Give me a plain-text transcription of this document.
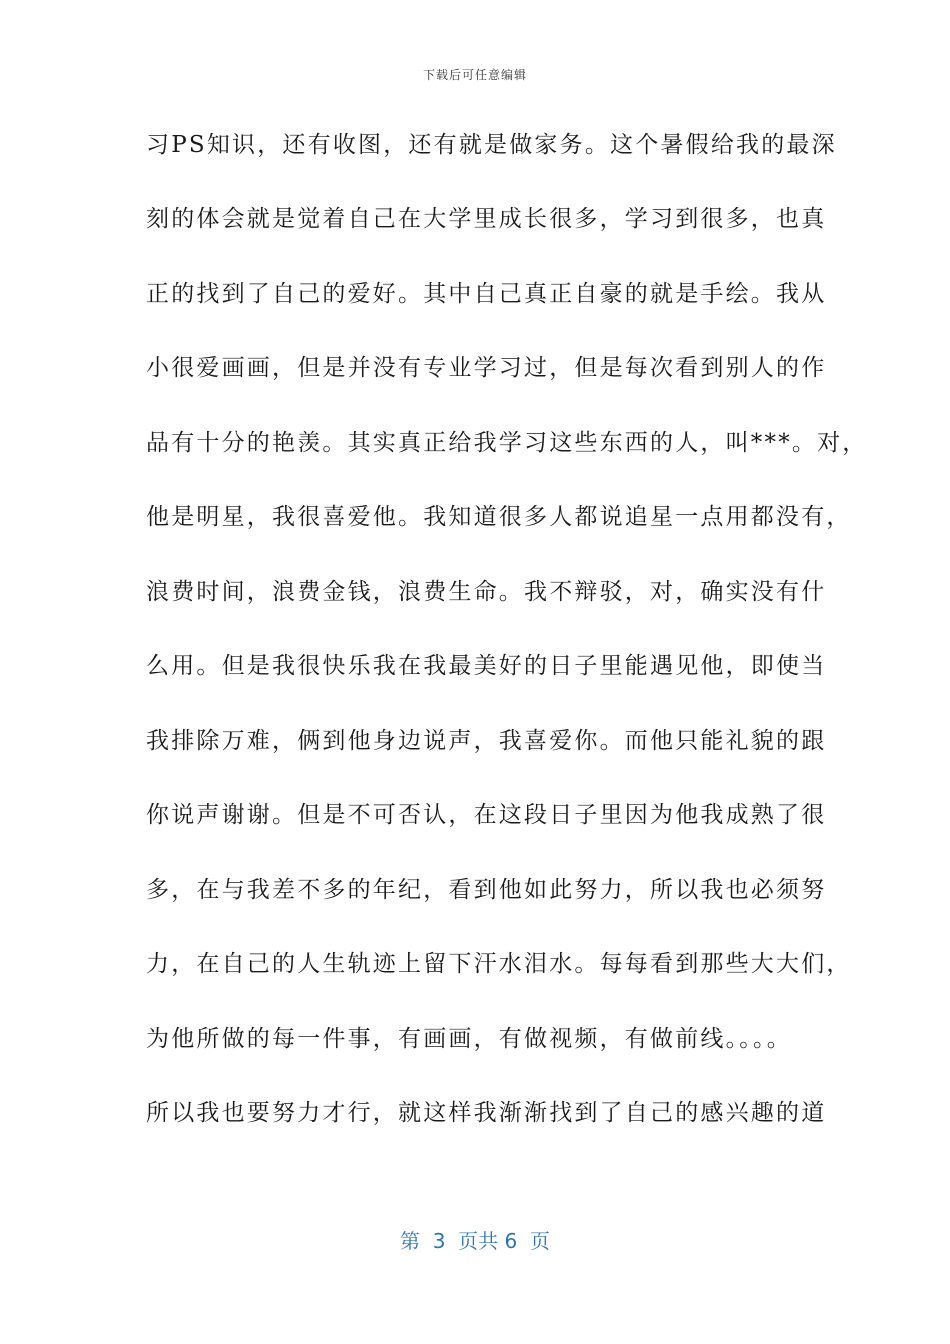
下载后可任意编辑
习PS知识，还有收图，还有就是做家务。这个暑假给我的最深
刻的体会就是觉着自己在大学里成长很多，学习到很多，也真
正的找到了自己的爱好。其中自己真正自豪的就是手绘。我从
小很爱画画，但是并没有专业学习过，但是每次看到别人的作
品有十分的艳羡。其实真正给我学习这些东西的人，叫***。对，
他是明星，我很喜爱他。我知道很多人都说追星一点用都没有，
浪费时间，浪费金钱，浪费生命。我不辩驳，对，确实没有什
么用。但是我很快乐我在我最美好的日子里能遇见他，即使当
我排除万难，俩到他身边说声，我喜爱你。而他只能礼貌的跟
你说声谢谢。但是不可否认，在这段日子里因为他我成熟了很
多，在与我差不多的年纪，看到他如此努力，所以我也必须努
力，在自己的人生轨迹上留下汗水泪水。每每看到那些大大们，
为他所做的每一件事，有画画，有做视频，有做前线。。。。
所以我也要努力才行，就这样我渐渐找到了自己的感兴趣的道
第  3  页共 6  页
